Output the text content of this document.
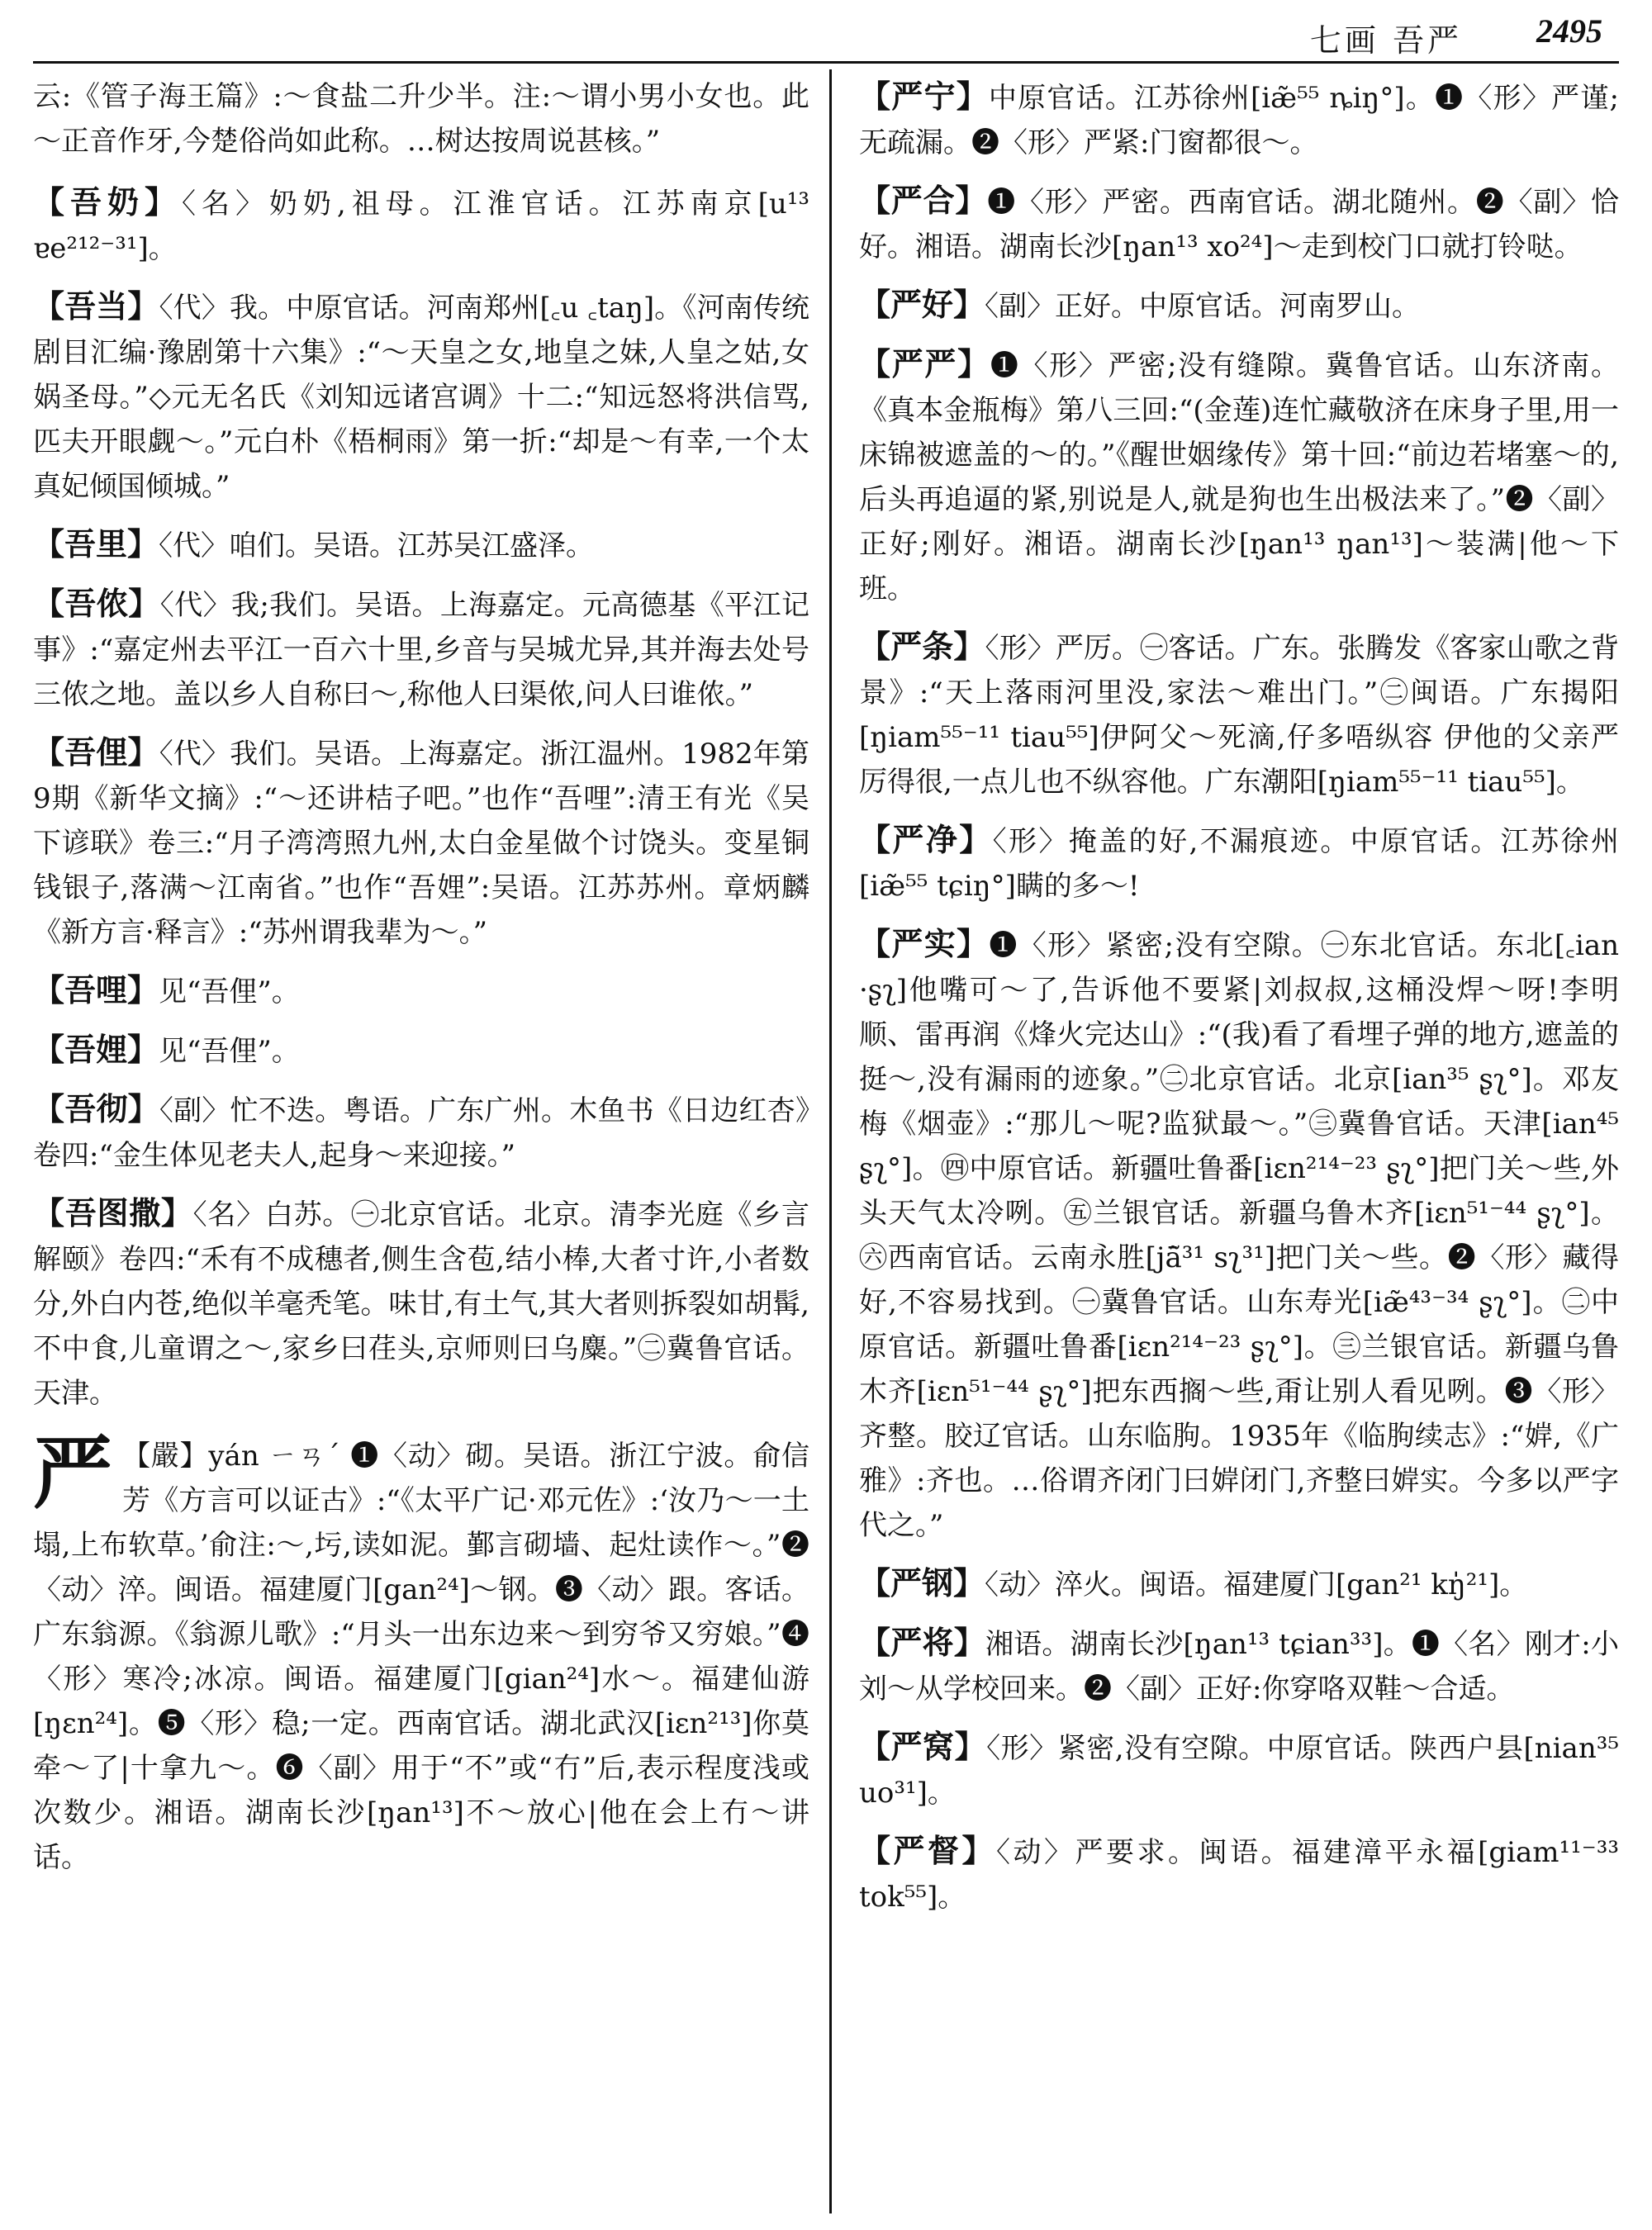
七画 吾严 2495

云:《管子海王篇》:～食盐二升少半。注:～谓小男小女也。此～正音作牙,今楚俗尚如此称。…树达按周说甚核。”

【吾奶】〈名〉奶奶,祖母。江淮官话。江苏南京[u¹³ ɐe²¹²⁻³¹]。

【吾当】〈代〉我。中原官话。河南郑州[꜀u ꜀taŋ]。《河南传统剧目汇编·豫剧第十六集》:“～天皇之女,地皇之妹,人皇之姑,女娲圣母。”◇元无名氏《刘知远诸宫调》十二:“知远怒将洪信骂,匹夫开眼觑～。”元白朴《梧桐雨》第一折:“却是～有幸,一个太真妃倾国倾城。”

【吾里】〈代〉咱们。吴语。江苏吴江盛泽。

【吾侬】〈代〉我;我们。吴语。上海嘉定。元高德基《平江记事》:“嘉定州去平江一百六十里,乡音与吴城尤异,其并海去处号三侬之地。盖以乡人自称曰～,称他人曰渠侬,问人曰谁侬。”

【吾俚】〈代〉我们。吴语。上海嘉定。浙江温州。1982年第9期《新华文摘》:“～还讲桔子吧。”也作“吾哩”:清王有光《吴下谚联》卷三:“月子湾湾照九州,太白金星做个讨饶头。变星铜钱银子,落满～江南省。”也作“吾娌”:吴语。江苏苏州。章炳麟《新方言·释言》:“苏州谓我辈为～。”

【吾哩】见“吾俚”。

【吾娌】见“吾俚”。

【吾彻】〈副〉忙不迭。粤语。广东广州。木鱼书《日边红杏》卷四:“金生体见老夫人,起身～来迎接。”

【吾图撒】〈名〉白苏。㊀北京官话。北京。清李光庭《乡言解颐》卷四:“禾有不成穗者,侧生含苞,结小棒,大者寸许,小者数分,外白内苍,绝似羊毫秃笔。味甘,有土气,其大者则拆裂如胡髯,不中食,儿童谓之～,家乡曰荏头,京师则曰乌麋。”㊁冀鲁官话。天津。

严 【嚴】yán ㄧㄢˊ ❶〈动〉砌。吴语。浙江宁波。俞信芳《方言可以证古》:“《太平广记·邓元佐》:‘汝乃～一土塌,上布软草。’俞注:～,圬,读如泥。鄞言砌墙、起灶读作～。”❷〈动〉淬。闽语。福建厦门[gan²⁴]～钢。❸〈动〉跟。客话。广东翁源。《翁源儿歌》:“月头一出东边来～到穷爷又穷娘。”❹〈形〉寒冷;冰凉。闽语。福建厦门[gian²⁴]水～。福建仙游[ŋɛn²⁴]。❺〈形〉稳;一定。西南官话。湖北武汉[iɛn²¹³]你莫牵～了|十拿九～。❻〈副〉用于“不”或“冇”后,表示程度浅或次数少。湘语。湖南长沙[ŋan¹³]不～放心|他在会上冇～讲话。

【严宁】中原官话。江苏徐州[iæ̃⁵⁵ ȵiŋ°]。❶〈形〉严谨;无疏漏。❷〈形〉严紧:门窗都很～。

【严合】❶〈形〉严密。西南官话。湖北随州。❷〈副〉恰好。湘语。湖南长沙[ŋan¹³ xo²⁴]～走到校门口就打铃哒。

【严好】〈副〉正好。中原官话。河南罗山。

【严严】❶〈形〉严密;没有缝隙。冀鲁官话。山东济南。《真本金瓶梅》第八三回:“(金莲)连忙藏敬济在床身子里,用一床锦被遮盖的～的。”《醒世姻缘传》第十回:“前边若堵塞～的,后头再追逼的紧,别说是人,就是狗也生出极法来了。”❷〈副〉正好;刚好。湘语。湖南长沙[ŋan¹³ ŋan¹³]～装满|他～下班。

【严条】〈形〉严厉。㊀客话。广东。张腾发《客家山歌之背景》:“天上落雨河里没,家法～难出门。”㊁闽语。广东揭阳[ŋiam⁵⁵⁻¹¹ tiau⁵⁵]伊阿父～死滴,仔多唔纵容 伊他的父亲严厉得很,一点儿也不纵容他。广东潮阳[ŋiam⁵⁵⁻¹¹ tiau⁵⁵]。

【严净】〈形〉掩盖的好,不漏痕迹。中原官话。江苏徐州[iæ̃⁵⁵ tɕiŋ°]瞒的多～!

【严实】❶〈形〉紧密;没有空隙。㊀东北官话。东北[꜀ian ·ʂʅ]他嘴可～了,告诉他不要紧|刘叔叔,这桶没焊～呀!李明顺、雷再润《烽火完达山》:“(我)看了看埋子弹的地方,遮盖的挺～,没有漏雨的迹象。”㊁北京官话。北京[ian³⁵ ʂʅ°]。邓友梅《烟壶》:“那儿～呢?监狱最～。”㊂冀鲁官话。天津[ian⁴⁵ ʂʅ°]。㊃中原官话。新疆吐鲁番[iɛn²¹⁴⁻²³ ʂʅ°]把门关～些,外头天气太冷咧。㊄兰银官话。新疆乌鲁木齐[iɛn⁵¹⁻⁴⁴ ʂʅ°]。㊅西南官话。云南永胜[jā̃³¹ sʅ³¹]把门关～些。❷〈形〉藏得好,不容易找到。㊀冀鲁官话。山东寿光[iæ̃⁴³⁻³⁴ ʂʅ°]。㊁中原官话。新疆吐鲁番[iɛn²¹⁴⁻²³ ʂʅ°]。㊂兰银官话。新疆乌鲁木齐[iɛn⁵¹⁻⁴⁴ ʂʅ°]把东西搁～些,甭让别人看见咧。❸〈形〉齐整。胶辽官话。山东临朐。1935年《临朐续志》:“婩,《广雅》:齐也。…俗谓齐闭门曰婩闭门,齐整曰婩实。今多以严字代之。”

【严钢】〈动〉淬火。闽语。福建厦门[gan²¹ kŋ̍²¹]。

【严将】湘语。湖南长沙[ŋan¹³ tɕian³³]。❶〈名〉刚才:小刘～从学校回来。❷〈副〉正好:你穿咯双鞋～合适。

【严窝】〈形〉紧密,没有空隙。中原官话。陕西户县[nian³⁵ uo³¹]。

【严督】〈动〉严要求。闽语。福建漳平永福[giam¹¹⁻³³ tok⁵⁵]。
